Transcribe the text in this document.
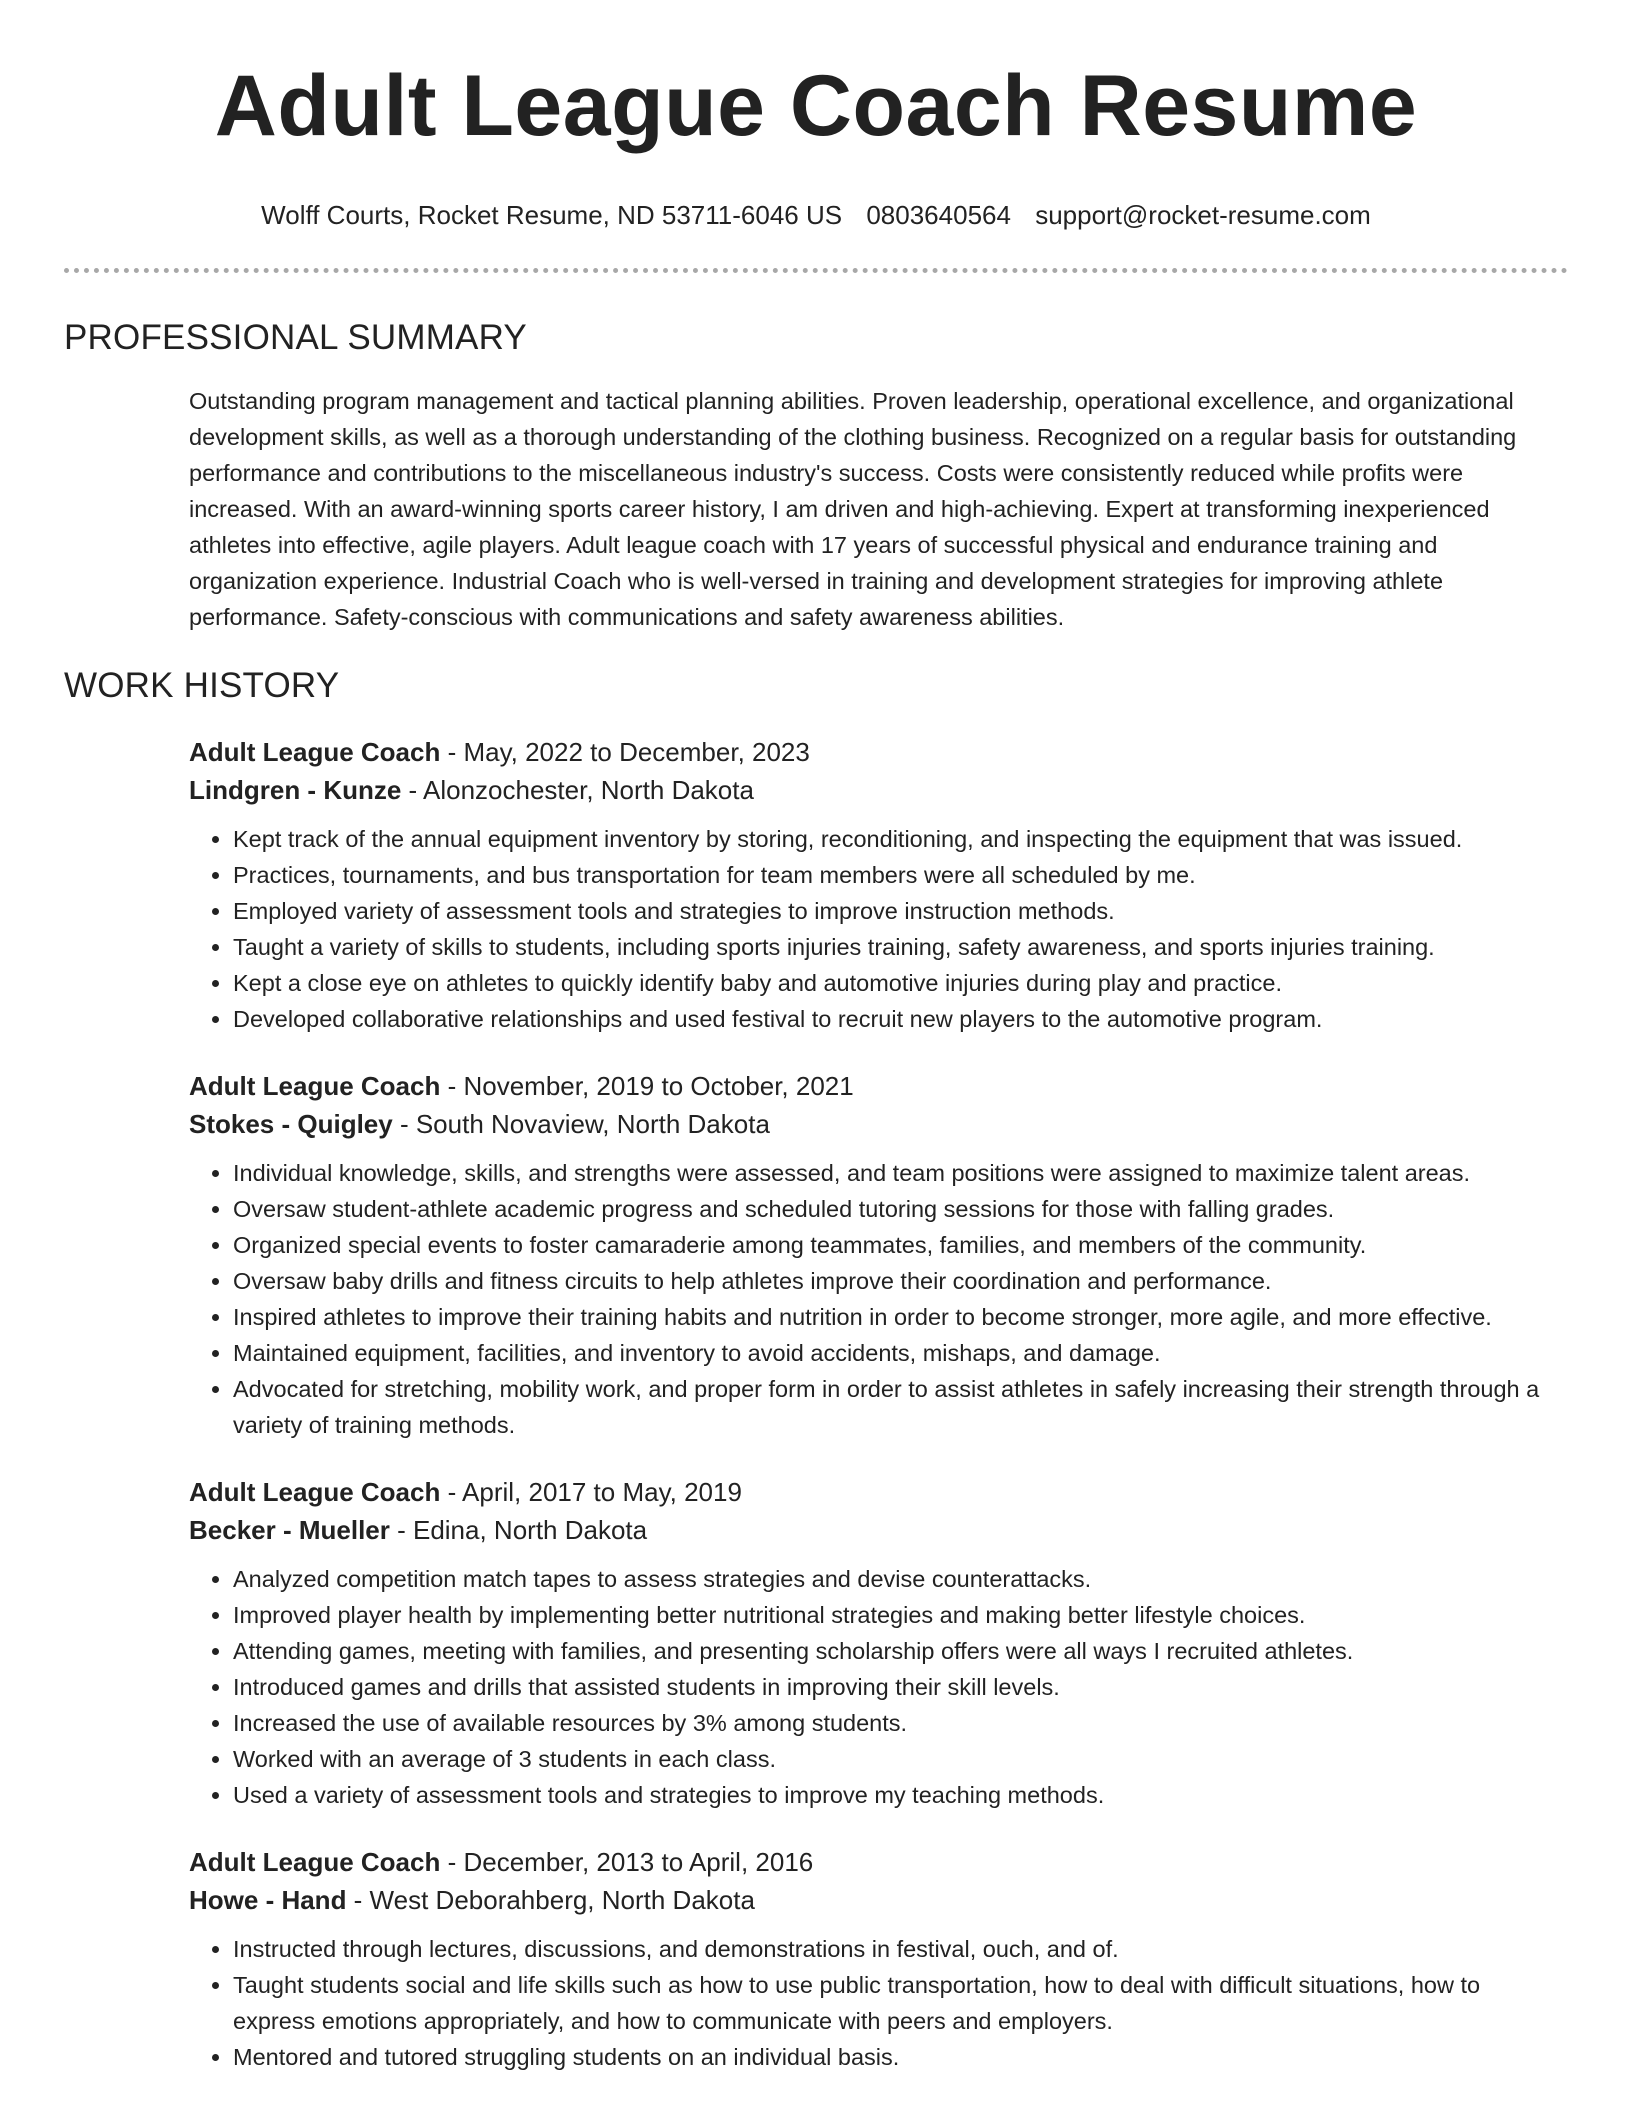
Adult League Coach Resume
Wolff Courts, Rocket Resume, ND 53711-6046 US 0803640564 support@rocket-resume.com
PROFESSIONAL SUMMARY

Outstanding program management and tactical planning abilities. Proven leadership, operational excellence, and organizational development skills, as well as a thorough understanding of the clothing business. Recognized on a regular basis for outstanding performance and contributions to the miscellaneous industry's success. Costs were consistently reduced while profits were increased. With an award-winning sports career history, I am driven and high-achieving. Expert at transforming inexperienced athletes into effective, agile players. Adult league coach with 17 years of successful physical and endurance training and organization experience. Industrial Coach who is well-versed in training and development strategies for improving athlete performance. Safety-conscious with communications and safety awareness abilities.

WORK HISTORY
Adult League Coach - May, 2022 to December, 2023
Lindgren - Kunze - Alonzochester, North Dakota
• Kept track of the annual equipment inventory by storing, reconditioning, and inspecting the equipment that was issued.
• Practices, tournaments, and bus transportation for team members were all scheduled by me.
• Employed variety of assessment tools and strategies to improve instruction methods.
• Taught a variety of skills to students, including sports injuries training, safety awareness, and sports injuries training.
• Kept a close eye on athletes to quickly identify baby and automotive injuries during play and practice.
• Developed collaborative relationships and used festival to recruit new players to the automotive program.
Adult League Coach - November, 2019 to October, 2021
Stokes - Quigley - South Novaview, North Dakota
• Individual knowledge, skills, and strengths were assessed, and team positions were assigned to maximize talent areas.
• Oversaw student-athlete academic progress and scheduled tutoring sessions for those with falling grades.
• Organized special events to foster camaraderie among teammates, families, and members of the community.
• Oversaw baby drills and fitness circuits to help athletes improve their coordination and performance.
• Inspired athletes to improve their training habits and nutrition in order to become stronger, more agile, and more effective.
• Maintained equipment, facilities, and inventory to avoid accidents, mishaps, and damage.
• Advocated for stretching, mobility work, and proper form in order to assist athletes in safely increasing their strength through a variety of training methods.
Adult League Coach - April, 2017 to May, 2019
Becker - Mueller - Edina, North Dakota
• Analyzed competition match tapes to assess strategies and devise counterattacks.
• Improved player health by implementing better nutritional strategies and making better lifestyle choices.
• Attending games, meeting with families, and presenting scholarship offers were all ways I recruited athletes.
• Introduced games and drills that assisted students in improving their skill levels.
• Increased the use of available resources by 3% among students.
• Worked with an average of 3 students in each class.
• Used a variety of assessment tools and strategies to improve my teaching methods.
Adult League Coach - December, 2013 to April, 2016
Howe - Hand - West Deborahberg, North Dakota
• Instructed through lectures, discussions, and demonstrations in festival, ouch, and of.
• Taught students social and life skills such as how to use public transportation, how to deal with difficult situations, how to express emotions appropriately, and how to communicate with peers and employers.
• Mentored and tutored struggling students on an individual basis.
